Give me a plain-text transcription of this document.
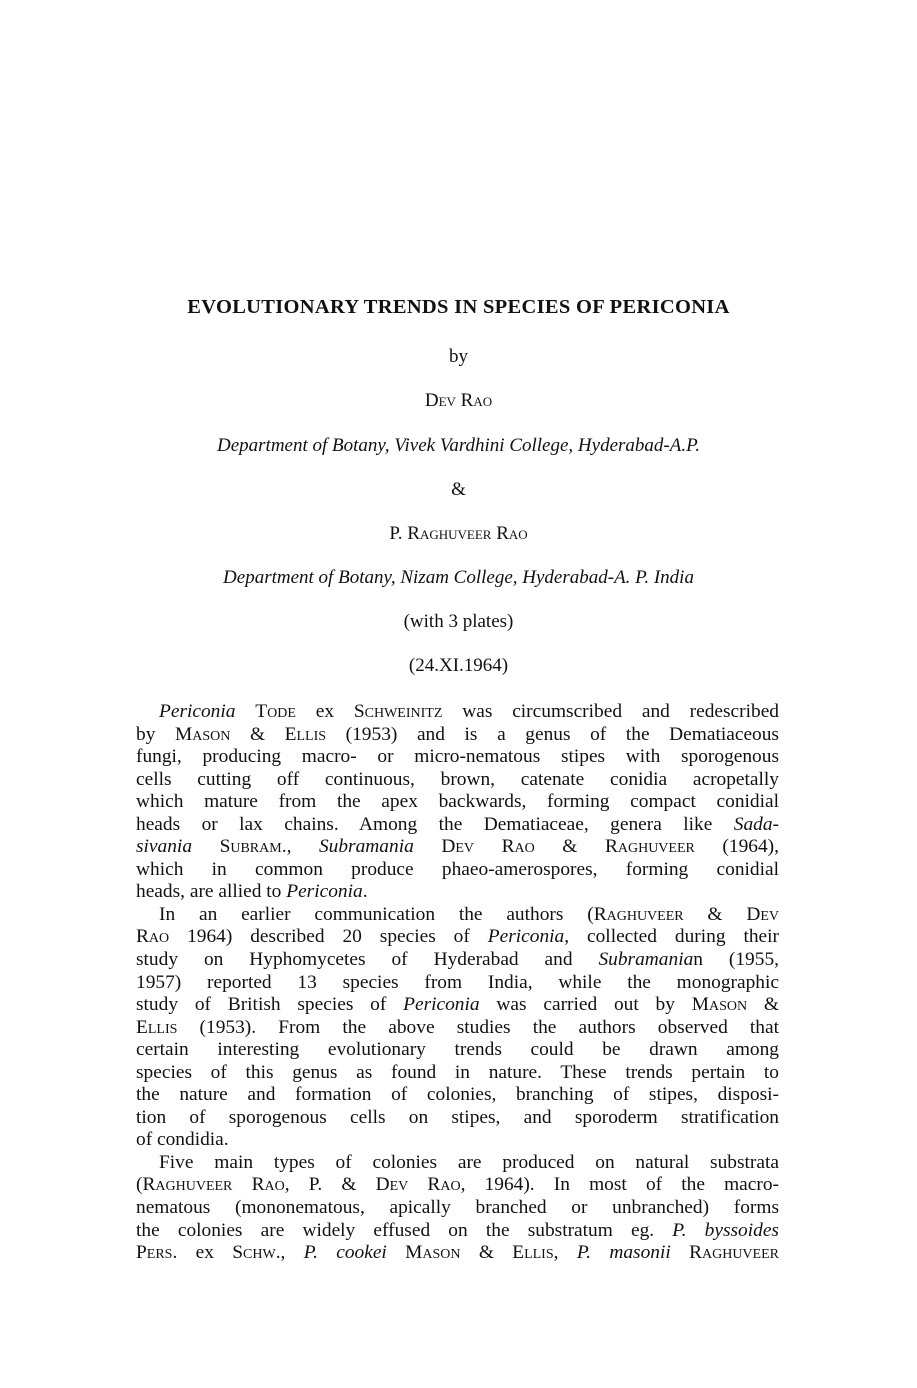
EVOLUTIONARY TRENDS IN SPECIES OF PERICONIA
by
Dev Rao
Department of Botany, Vivek Vardhini College, Hyderabad-A.P.
&
P. Raghuveer Rao
Department of Botany, Nizam College, Hyderabad-A. P. India
(with 3 plates)
(24.XI.1964)

Periconia Tode ex Schweinitz was circumscribed and redescribed
by Mason & Ellis (1953) and is a genus of the Dematiaceous
fungi, producing macro- or micro-nematous stipes with sporogenous
cells cutting off continuous, brown, catenate conidia acropetally
which mature from the apex backwards, forming compact conidial
heads or lax chains. Among the Dematiaceae, genera like Sada-
sivania Subram., Subramania Dev Rao & Raghuveer (1964),
which in common produce phaeo-amerospores, forming conidial
heads, are allied to Periconia.

In an earlier communication the authors (Raghuveer & Dev
Rao 1964) described 20 species of Periconia, collected during their
study on Hyphomycetes of Hyderabad and Subramanian (1955,
1957) reported 13 species from India, while the monographic
study of British species of Periconia was carried out by Mason &
Ellis (1953). From the above studies the authors observed that
certain interesting evolutionary trends could be drawn among
species of this genus as found in nature. These trends pertain to
the nature and formation of colonies, branching of stipes, disposi-
tion of sporogenous cells on stipes, and sporoderm stratification
of condidia.

Five main types of colonies are produced on natural substrata
(Raghuveer Rao, P. & Dev Rao, 1964). In most of the macro-
nematous (mononematous, apically branched or unbranched) forms
the colonies are widely effused on the substratum eg. P. byssoides
Pers. ex Schw., P. cookei Mason & Ellis, P. masonii Raghuveer
